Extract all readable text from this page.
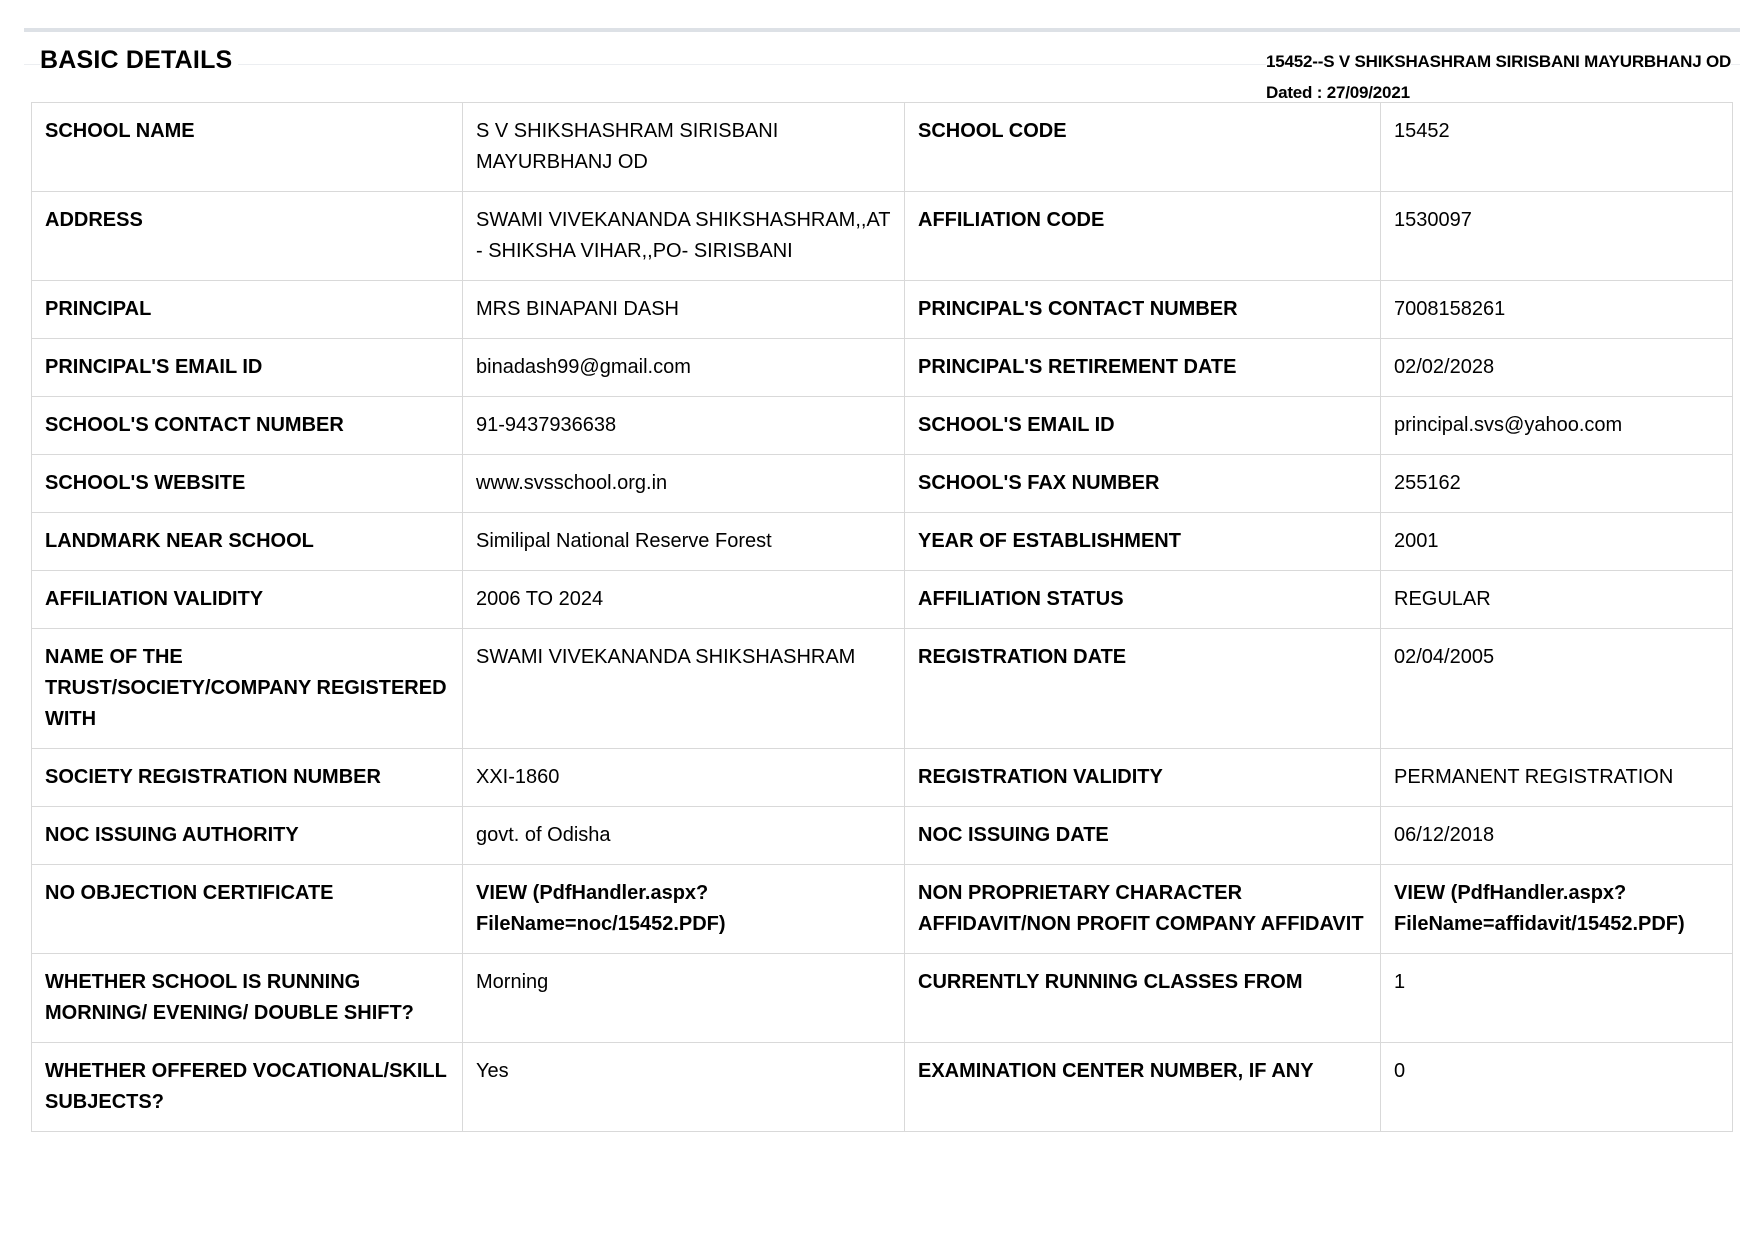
BASIC DETAILS	15452--S V SHIKSHASHRAM SIRISBANI MAYURBHANJ OD
Dated : 27/09/2021
SCHOOL NAME	S V SHIKSHASHRAM SIRISBANI MAYURBHANJ OD	SCHOOL CODE	15452
ADDRESS	SWAMI VIVEKANANDA SHIKSHASHRAM,,AT - SHIKSHA VIHAR,,PO- SIRISBANI	AFFILIATION CODE	1530097
PRINCIPAL	MRS BINAPANI DASH	PRINCIPAL'S CONTACT NUMBER	7008158261
PRINCIPAL'S EMAIL ID	binadash99@gmail.com	PRINCIPAL'S RETIREMENT DATE	02/02/2028
SCHOOL'S CONTACT NUMBER	91-9437936638	SCHOOL'S EMAIL ID	principal.svs@yahoo.com
SCHOOL'S WEBSITE	www.svsschool.org.in	SCHOOL'S FAX NUMBER	255162
LANDMARK NEAR SCHOOL	Similipal National Reserve Forest	YEAR OF ESTABLISHMENT	2001
AFFILIATION VALIDITY	2006 TO 2024	AFFILIATION STATUS	REGULAR
NAME OF THE TRUST/SOCIETY/COMPANY REGISTERED WITH	SWAMI VIVEKANANDA SHIKSHASHRAM	REGISTRATION DATE	02/04/2005
SOCIETY REGISTRATION NUMBER	XXI-1860	REGISTRATION VALIDITY	PERMANENT REGISTRATION
NOC ISSUING AUTHORITY	govt. of Odisha	NOC ISSUING DATE	06/12/2018
NO OBJECTION CERTIFICATE	VIEW (PdfHandler.aspx?FileName=noc/15452.PDF)	NON PROPRIETARY CHARACTER AFFIDAVIT/NON PROFIT COMPANY AFFIDAVIT	VIEW (PdfHandler.aspx?FileName=affidavit/15452.PDF)
WHETHER SCHOOL IS RUNNING MORNING/ EVENING/ DOUBLE SHIFT?	Morning	CURRENTLY RUNNING CLASSES FROM	1
WHETHER OFFERED VOCATIONAL/SKILL SUBJECTS?	Yes	EXAMINATION CENTER NUMBER, IF ANY	0
